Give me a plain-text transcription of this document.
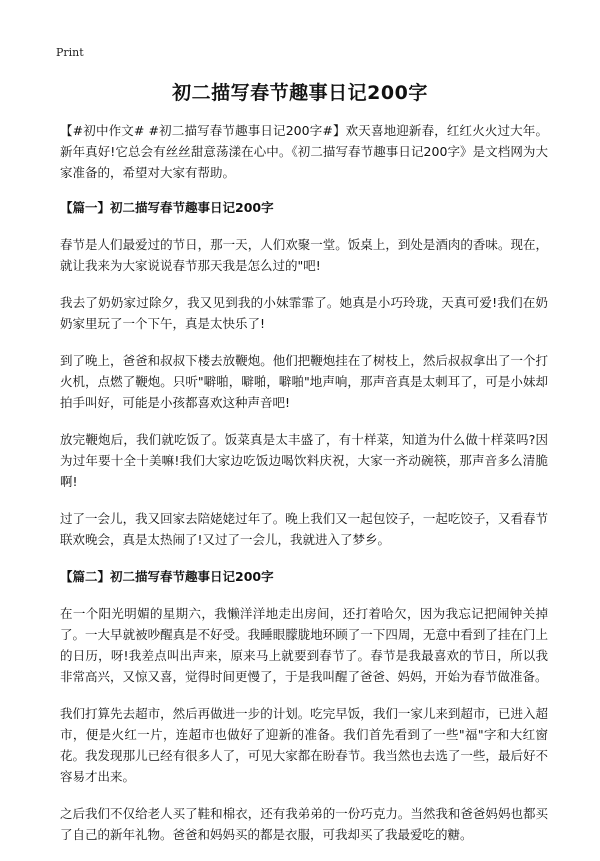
Print
初二描写春节趣事日记200字

【#初中作文# #初二描写春节趣事日记200字#】欢天喜地迎新春，红红火火过大年。新年真好!它总会有丝丝甜意荡漾在心中。《初二描写春节趣事日记200字》是文档网为大家准备的，希望对大家有帮助。

【篇一】初二描写春节趣事日记200字

春节是人们最爱过的节日，那一天，人们欢聚一堂。饭桌上，到处是酒肉的香味。现在，就让我来为大家说说春节那天我是怎么过的"吧!

我去了奶奶家过除夕，我又见到我的小妹霏霏了。她真是小巧玲珑，天真可爱!我们在奶奶家里玩了一个下午，真是太快乐了!

到了晚上，爸爸和叔叔下楼去放鞭炮。他们把鞭炮挂在了树枝上，然后叔叔拿出了一个打火机，点燃了鞭炮。只听"噼啪，噼啪，噼啪"地声响，那声音真是太刺耳了，可是小妹却拍手叫好，可能是小孩都喜欢这种声音吧!

放完鞭炮后，我们就吃饭了。饭菜真是太丰盛了，有十样菜，知道为什么做十样菜吗?因为过年要十全十美嘛!我们大家边吃饭边喝饮料庆祝，大家一齐动碗筷，那声音多么清脆啊!

过了一会儿，我又回家去陪姥姥过年了。晚上我们又一起包饺子，一起吃饺子，又看春节联欢晚会，真是太热闹了!又过了一会儿，我就进入了梦乡。

【篇二】初二描写春节趣事日记200字

在一个阳光明媚的星期六，我懒洋洋地走出房间，还打着哈欠，因为我忘记把闹钟关掉了。一大早就被吵醒真是不好受。我睡眼朦胧地环顾了一下四周，无意中看到了挂在门上的日历，呀!我差点叫出声来，原来马上就要到春节了。春节是我最喜欢的节日，所以我非常高兴，又惊又喜，觉得时间更慢了，于是我叫醒了爸爸、妈妈，开始为春节做准备。

我们打算先去超市，然后再做进一步的计划。吃完早饭，我们一家儿来到超市，已进入超市，便是火红一片，连超市也做好了迎新的准备。我们首先看到了一些"福"字和大红窗花。我发现那儿已经有很多人了，可见大家都在盼春节。我当然也去选了一些，最后好不容易才出来。

之后我们不仅给老人买了鞋和棉衣，还有我弟弟的一份巧克力。当然我和爸爸妈妈也都买了自己的新年礼物。爸爸和妈妈买的都是衣服，可我却买了我最爱吃的糖。
